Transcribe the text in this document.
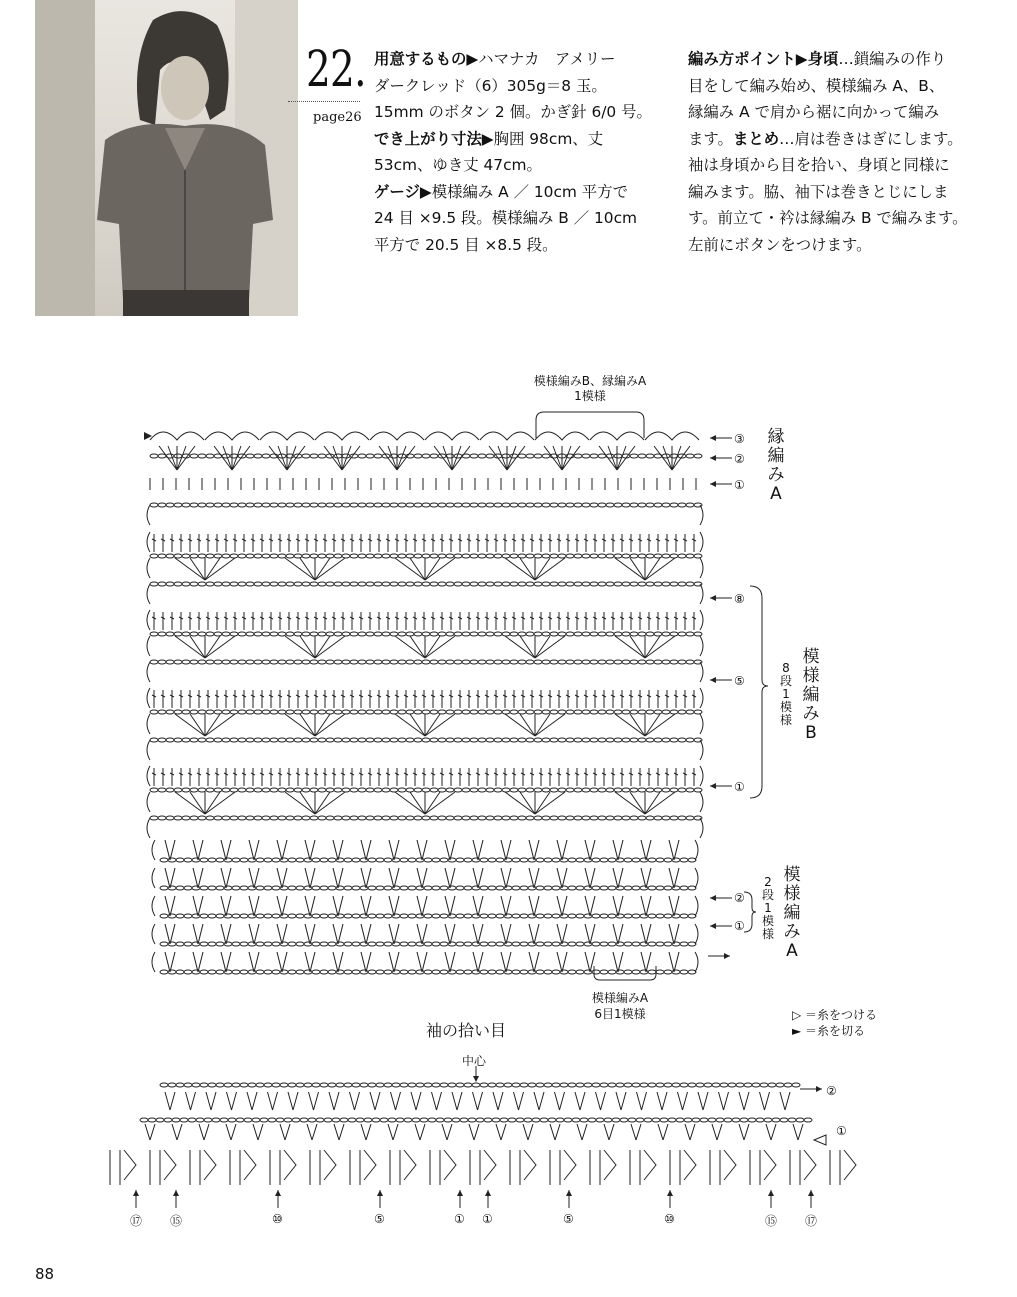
22.
page26
用意するもの▶ハマナカ　アメリー
ダークレッド（6）305g＝8 玉。
15mm のボタン 2 個。かぎ針 6/0 号。
でき上がり寸法▶胸囲 98cm、丈
53cm、ゆき丈 47cm。
ゲージ▶模様編み A ／ 10cm 平方で
24 目 ×9.5 段。模様編み B ／ 10cm
平方で 20.5 目 ×8.5 段。
編み方ポイント▶身頃…鎖編みの作り
目をして編み始め、模様編み A、B、
縁編み A で肩から裾に向かって編み
ます。まとめ…肩は巻きはぎにします。
袖は身頃から目を拾い、身頃と同様に
編みます。脇、袖下は巻きとじにしま
す。前立て・衿は縁編み B で編みます。
左前にボタンをつけます。
模様編みB、縁編みA
1模様
③
②
①
縁
編
み
A
⑧
⑤
①
8
段
1
模
様
模
様
編
み
B
②
①
2
段
1
模
様
模
様
編
み
A
模様編みA
6目1模様	▷ ＝糸をつける
► ＝糸を切る
袖の拾い目
中心
②
①
⑰ ⑮	⑩	⑤	① ①	⑤	⑩	⑮ ⑰
88
